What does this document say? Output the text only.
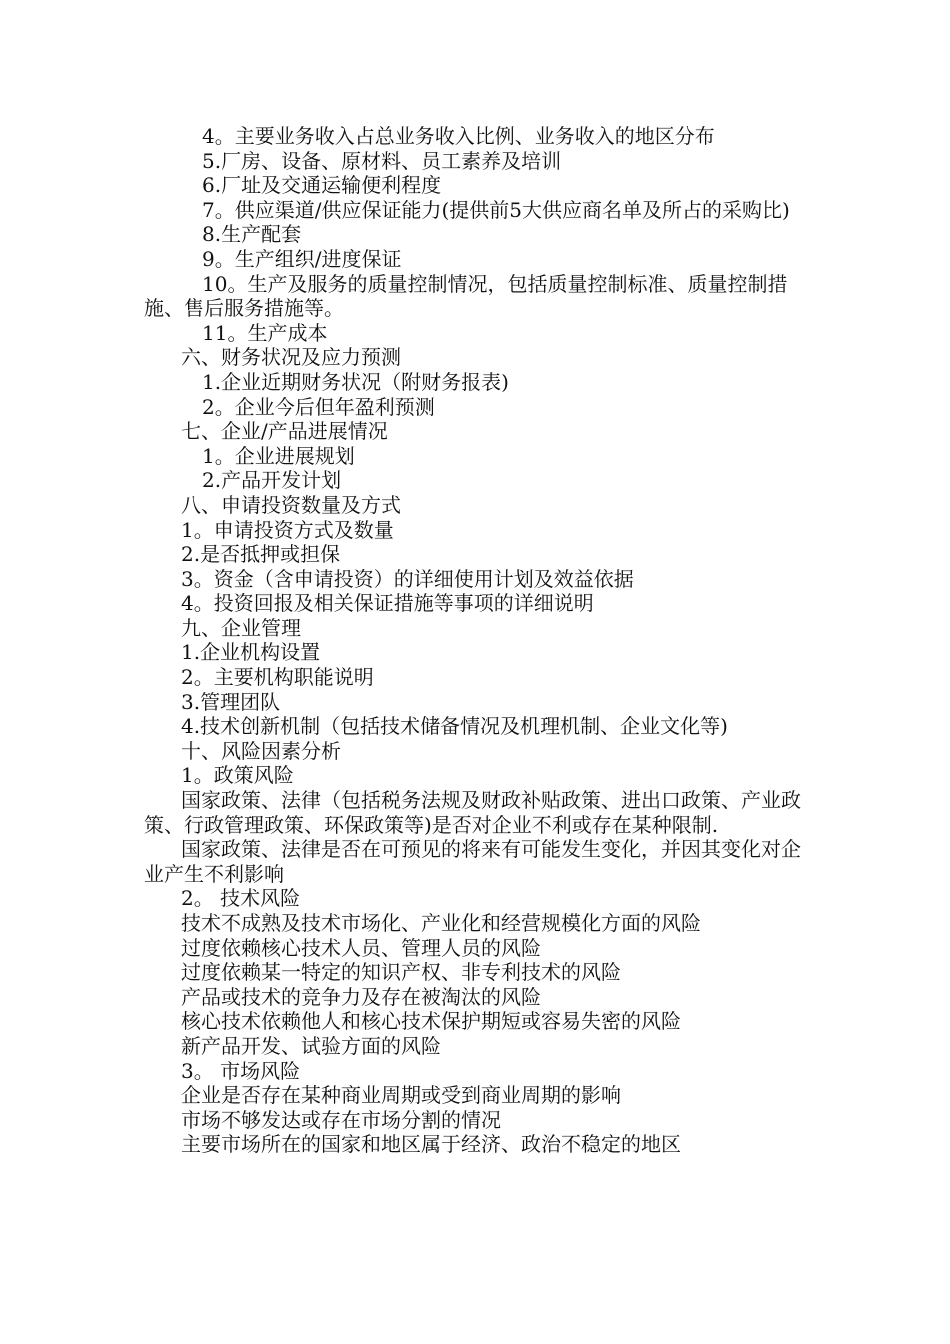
4。主要业务收入占总业务收入比例、业务收入的地区分布

5.厂房、设备、原材料、员工素养及培训

6.厂址及交通运输便利程度

7。供应渠道/供应保证能力(提供前5大供应商名单及所占的采购比)

8.生产配套

9。生产组织/进度保证

10。生产及服务的质量控制情况，包括质量控制标准、质量控制措施、售后服务措施等。

11。生产成本

六、财务状况及应力预测

1.企业近期财务状况（附财务报表)

2。企业今后但年盈利预测

七、企业/产品进展情况

1。企业进展规划

2.产品开发计划

八、申请投资数量及方式

1。申请投资方式及数量

2.是否抵押或担保

3。资金（含申请投资）的详细使用计划及效益依据

4。投资回报及相关保证措施等事项的详细说明

九、企业管理

1.企业机构设置

2。主要机构职能说明

3.管理团队

4.技术创新机制（包括技术储备情况及机理机制、企业文化等)

十、风险因素分析

1。政策风险

国家政策、法律（包括税务法规及财政补贴政策、进出口政策、产业政策、行政管理政策、环保政策等)是否对企业不利或存在某种限制.

国家政策、法律是否在可预见的将来有可能发生变化，并因其变化对企业产生不利影响

2。 技术风险

技术不成熟及技术市场化、产业化和经营规模化方面的风险

过度依赖核心技术人员、管理人员的风险

过度依赖某一特定的知识产权、非专利技术的风险

产品或技术的竞争力及存在被淘汰的风险

核心技术依赖他人和核心技术保护期短或容易失密的风险

新产品开发、试验方面的风险

3。 市场风险

企业是否存在某种商业周期或受到商业周期的影响

市场不够发达或存在市场分割的情况

主要市场所在的国家和地区属于经济、政治不稳定的地区
